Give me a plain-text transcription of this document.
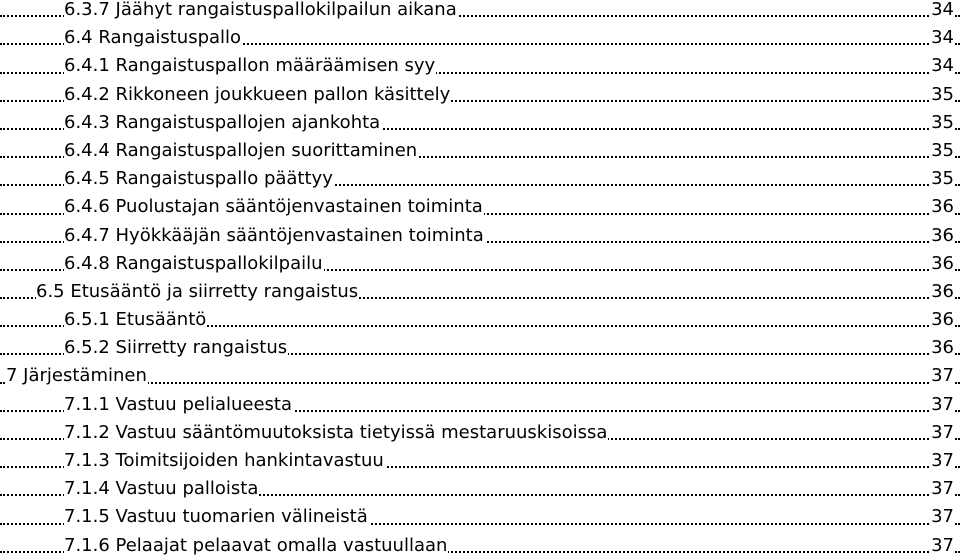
6.3.7 Jäähyt rangaistuspallokilpailun aikana	34
6.4 Rangaistuspallo	34
6.4.1 Rangaistuspallon määräämisen syy	34
6.4.2 Rikkoneen joukkueen pallon käsittely	35
6.4.3 Rangaistuspallojen ajankohta	35
6.4.4 Rangaistuspallojen suorittaminen	35
6.4.5 Rangaistuspallo päättyy	35
6.4.6 Puolustajan sääntöjenvastainen toiminta	36
6.4.7 Hyökkääjän sääntöjenvastainen toiminta	36
6.4.8 Rangaistuspallokilpailu	36
6.5 Etusääntö ja siirretty rangaistus	36
6.5.1 Etusääntö	36
6.5.2 Siirretty rangaistus	36
7 Järjestäminen	37
7.1.1 Vastuu pelialueesta	37
7.1.2 Vastuu sääntömuutoksista tietyissä mestaruuskisoissa	37
7.1.3 Toimitsijoiden hankintavastuu	37
7.1.4 Vastuu palloista	37
7.1.5 Vastuu tuomarien välineistä	37
7.1.6 Pelaajat pelaavat omalla vastuullaan	37
